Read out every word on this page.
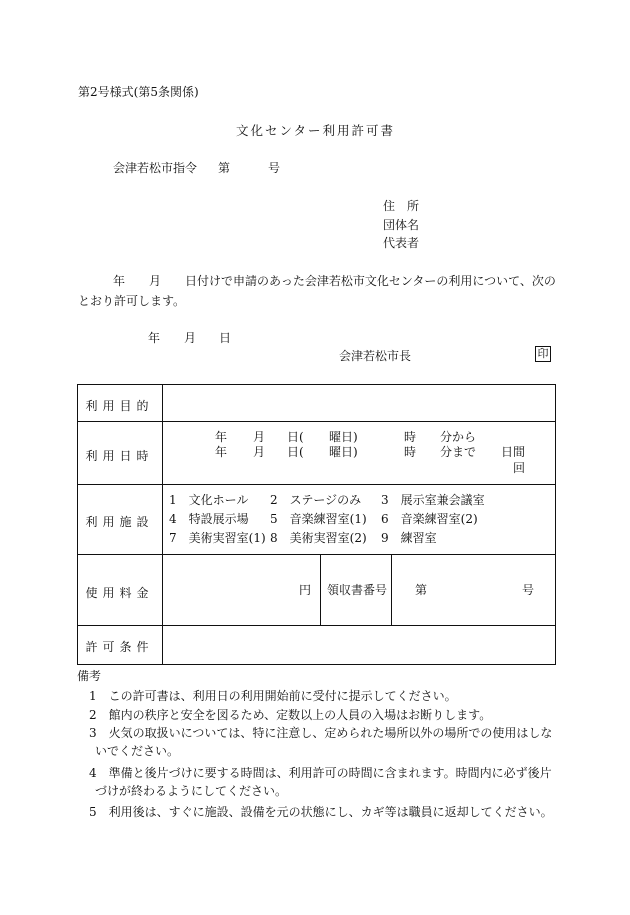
第2号様式(第5条関係)
文化センター利用許可書
会津若松市指令 第	号
住　所
団体名
代表者
年　　月　　日付けで申請のあった会津若松市文化センターの利用について、次の
とおり許可します。
年 月 日
会津若松市長	印
利用目的
利用日時
年 月 日( 曜日)	時 分から
年 月 日( 曜日)	時 分まで 日間
回
利用施設
1　文化ホール 2　ステージのみ 3　展示室兼会議室
4　特設展示場 5　音楽練習室(1) 6　音楽練習室(2)
7　美術実習室(1) 8　美術実習室(2) 9　練習室
使用料金	円 領収書番号 第	号
許可条件
備考
1　この許可書は、利用日の利用開始前に受付に提示してください。
2　館内の秩序と安全を図るため、定数以上の人員の入場はお断りします。
3　火気の取扱いについては、特に注意し、定められた場所以外の場所での使用はしな
いでください。
4　準備と後片づけに要する時間は、利用許可の時間に含まれます。時間内に必ず後片
づけが終わるようにしてください。
5　利用後は、すぐに施設、設備を元の状態にし、カギ等は職員に返却してください。
